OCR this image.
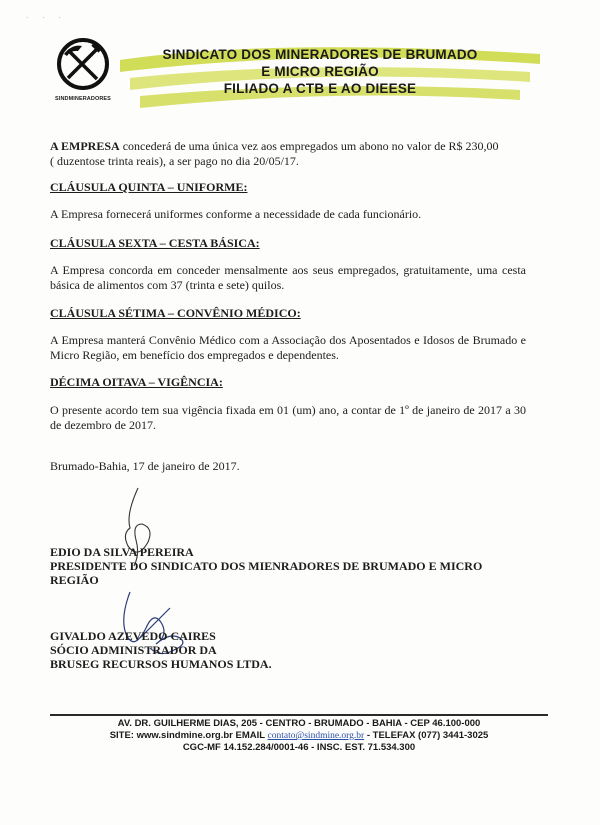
· · ·
SINDMINERADORES
SINDICATO DOS MINERADORES DE BRUMADO
E MICRO REGIÃO
FILIADO A CTB E AO DIEESE
A EMPRESA concederá de uma única vez aos empregados um abono no valor de R$ 230,00
( duzentose trinta reais), a ser pago no dia 20/05/17.
CLÁUSULA QUINTA – UNIFORME:
A Empresa fornecerá uniformes conforme a necessidade de cada funcionário.
CLÁUSULA SEXTA – CESTA BÁSICA:
A Empresa concorda em conceder mensalmente aos seus empregados, gratuitamente, uma cesta básica de alimentos com 37 (trinta e sete) quilos.
CLÁUSULA SÉTIMA – CONVÊNIO MÉDICO:
A Empresa manterá Convênio Médico com a Associação dos Aposentados e Idosos de Brumado e Micro Região, em benefício dos empregados e dependentes.
DÉCIMA OITAVA – VIGÊNCIA:
O presente acordo tem sua vigência fixada em 01 (um) ano, a contar de 1º de janeiro de 2017 a 30 de dezembro de 2017.
Brumado-Bahia, 17 de janeiro de 2017.
EDIO DA SILVA PEREIRA
PRESIDENTE DO SINDICATO DOS MIENRADORES DE BRUMADO E MICRO
REGIÃO
GIVALDO AZEVEDO CAIRES
SÓCIO ADMINISTRADOR DA
BRUSEG RECURSOS HUMANOS LTDA.
AV. DR. GUILHERME DIAS, 205 - CENTRO - BRUMADO - BAHIA - CEP 46.100-000
SITE: www.sindmine.org.br EMAIL contato@sindmine.org.br - TELEFAX (077) 3441-3025
CGC-MF 14.152.284/0001-46 - INSC. EST. 71.534.300
